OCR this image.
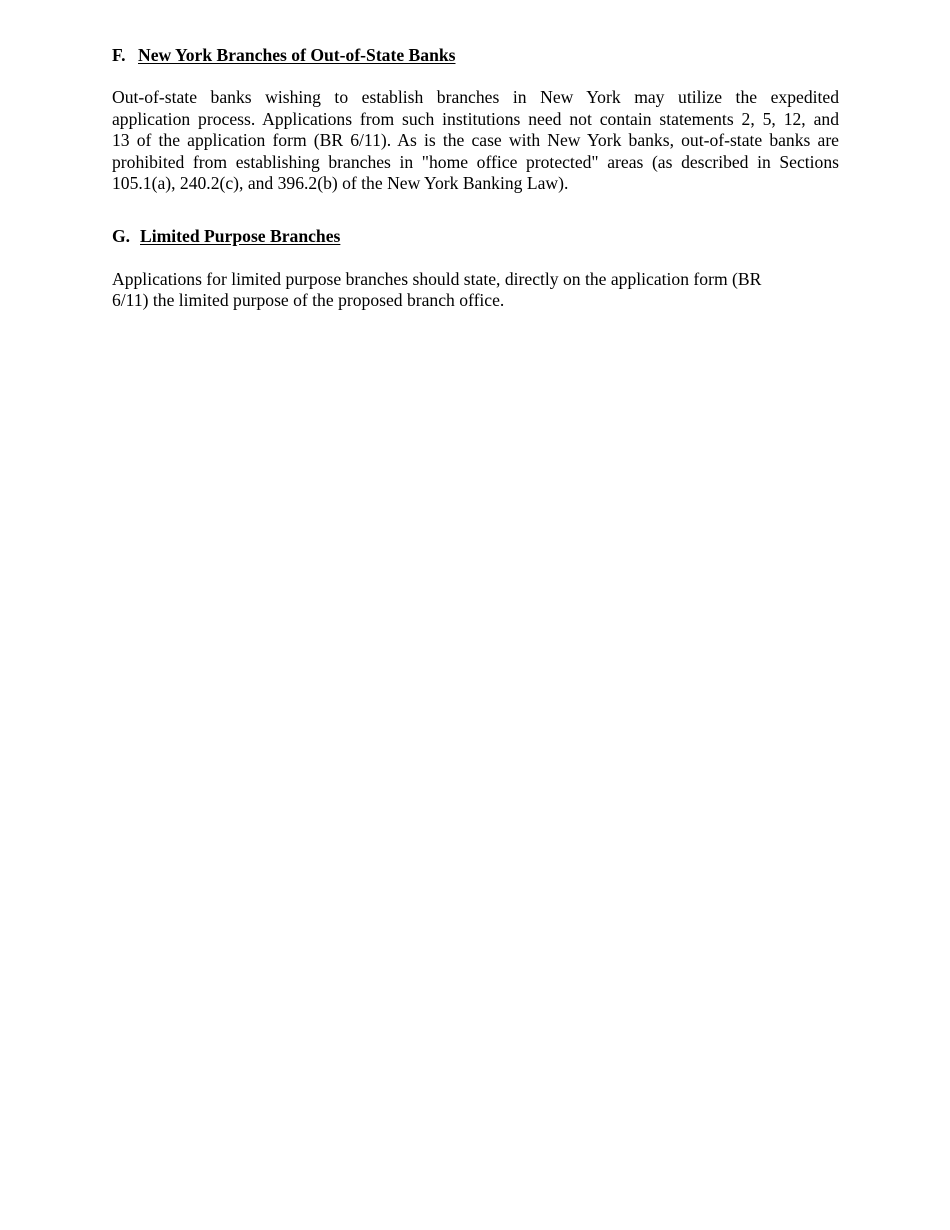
F. New York Branches of Out-of-State Banks

Out-of-state banks wishing to establish branches in New York may utilize the expedited
application process. Applications from such institutions need not contain statements 2, 5, 12, and
13 of the application form (BR 6/11). As is the case with New York banks, out-of-state banks are
prohibited from establishing branches in "home office protected" areas (as described in Sections
105.1(a), 240.2(c), and 396.2(b) of the New York Banking Law).

G. Limited Purpose Branches

Applications for limited purpose branches should state, directly on the application form (BR
6/11) the limited purpose of the proposed branch office.
